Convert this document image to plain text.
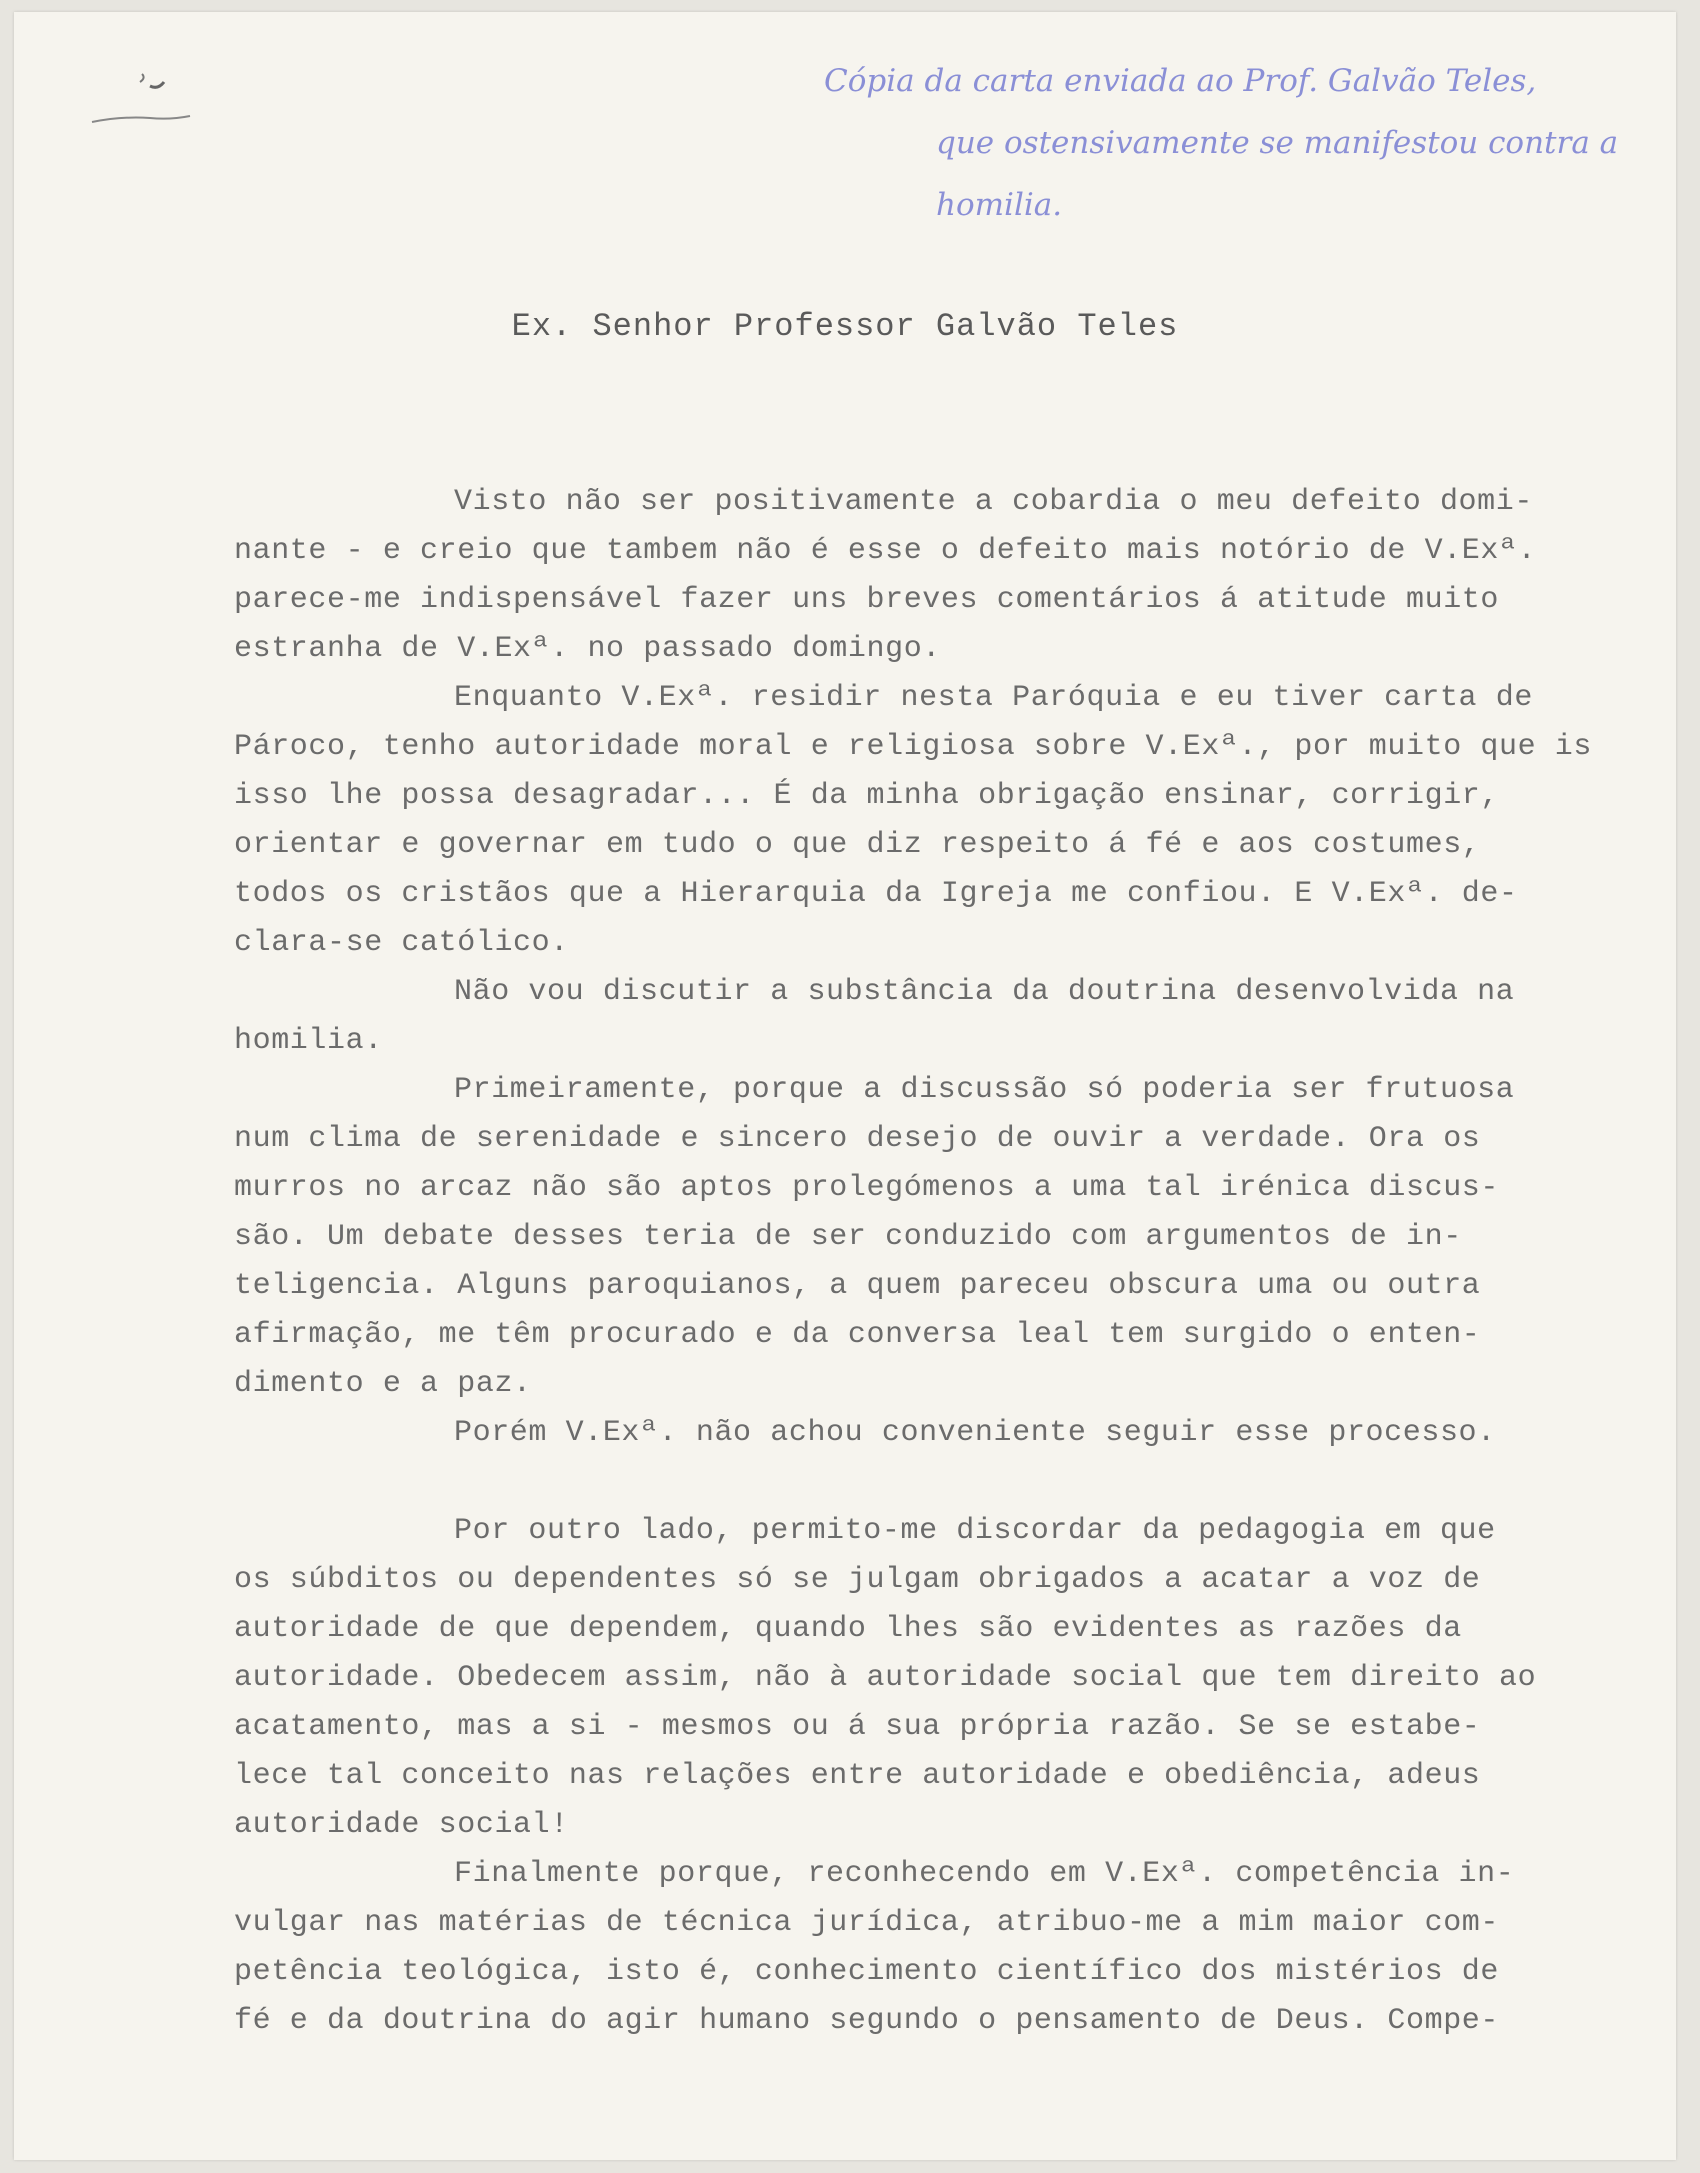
Cópia da carta enviada ao Prof. Galvão Teles,
que ostensivamente se manifestou contra a
homilia.
Ex. Senhor Professor Galvão Teles

Visto não ser positivamente a cobardia o meu defeito domi-
nante - e creio que tambem não é esse o defeito mais notório de V.Exª.
parece-me indispensável fazer uns breves comentários á atitude muito
estranha de V.Exª. no passado domingo.

Enquanto V.Exª. residir nesta Paróquia e eu tiver carta de
Pároco, tenho autoridade moral e religiosa sobre V.Exª., por muito que is
isso lhe possa desagradar... É da minha obrigação ensinar, corrigir,
orientar e governar em tudo o que diz respeito á fé e aos costumes,
todos os cristãos que a Hierarquia da Igreja me confiou. E V.Exª. de-
clara-se católico.

Não vou discutir a substância da doutrina desenvolvida na
homilia.

Primeiramente, porque a discussão só poderia ser frutuosa
num clima de serenidade e sincero desejo de ouvir a verdade. Ora os
murros no arcaz não são aptos prolegómenos a uma tal irénica discus-
são. Um debate desses teria de ser conduzido com argumentos de in-
teligencia. Alguns paroquianos, a quem pareceu obscura uma ou outra
afirmação, me têm procurado e da conversa leal tem surgido o enten-
dimento e a paz.

Porém V.Exª. não achou conveniente seguir esse processo.

Por outro lado, permito-me discordar da pedagogia em que
os súbditos ou dependentes só se julgam obrigados a acatar a voz de
autoridade de que dependem, quando lhes são evidentes as razões da
autoridade. Obedecem assim, não à autoridade social que tem direito ao
acatamento, mas a si - mesmos ou á sua própria razão. Se se estabe-
lece tal conceito nas relações entre autoridade e obediência, adeus
autoridade social!

Finalmente porque, reconhecendo em V.Exª. competência in-
vulgar nas matérias de técnica jurídica, atribuo-me a mim maior com-
petência teológica, isto é, conhecimento científico dos mistérios de
fé e da doutrina do agir humano segundo o pensamento de Deus. Compe-
